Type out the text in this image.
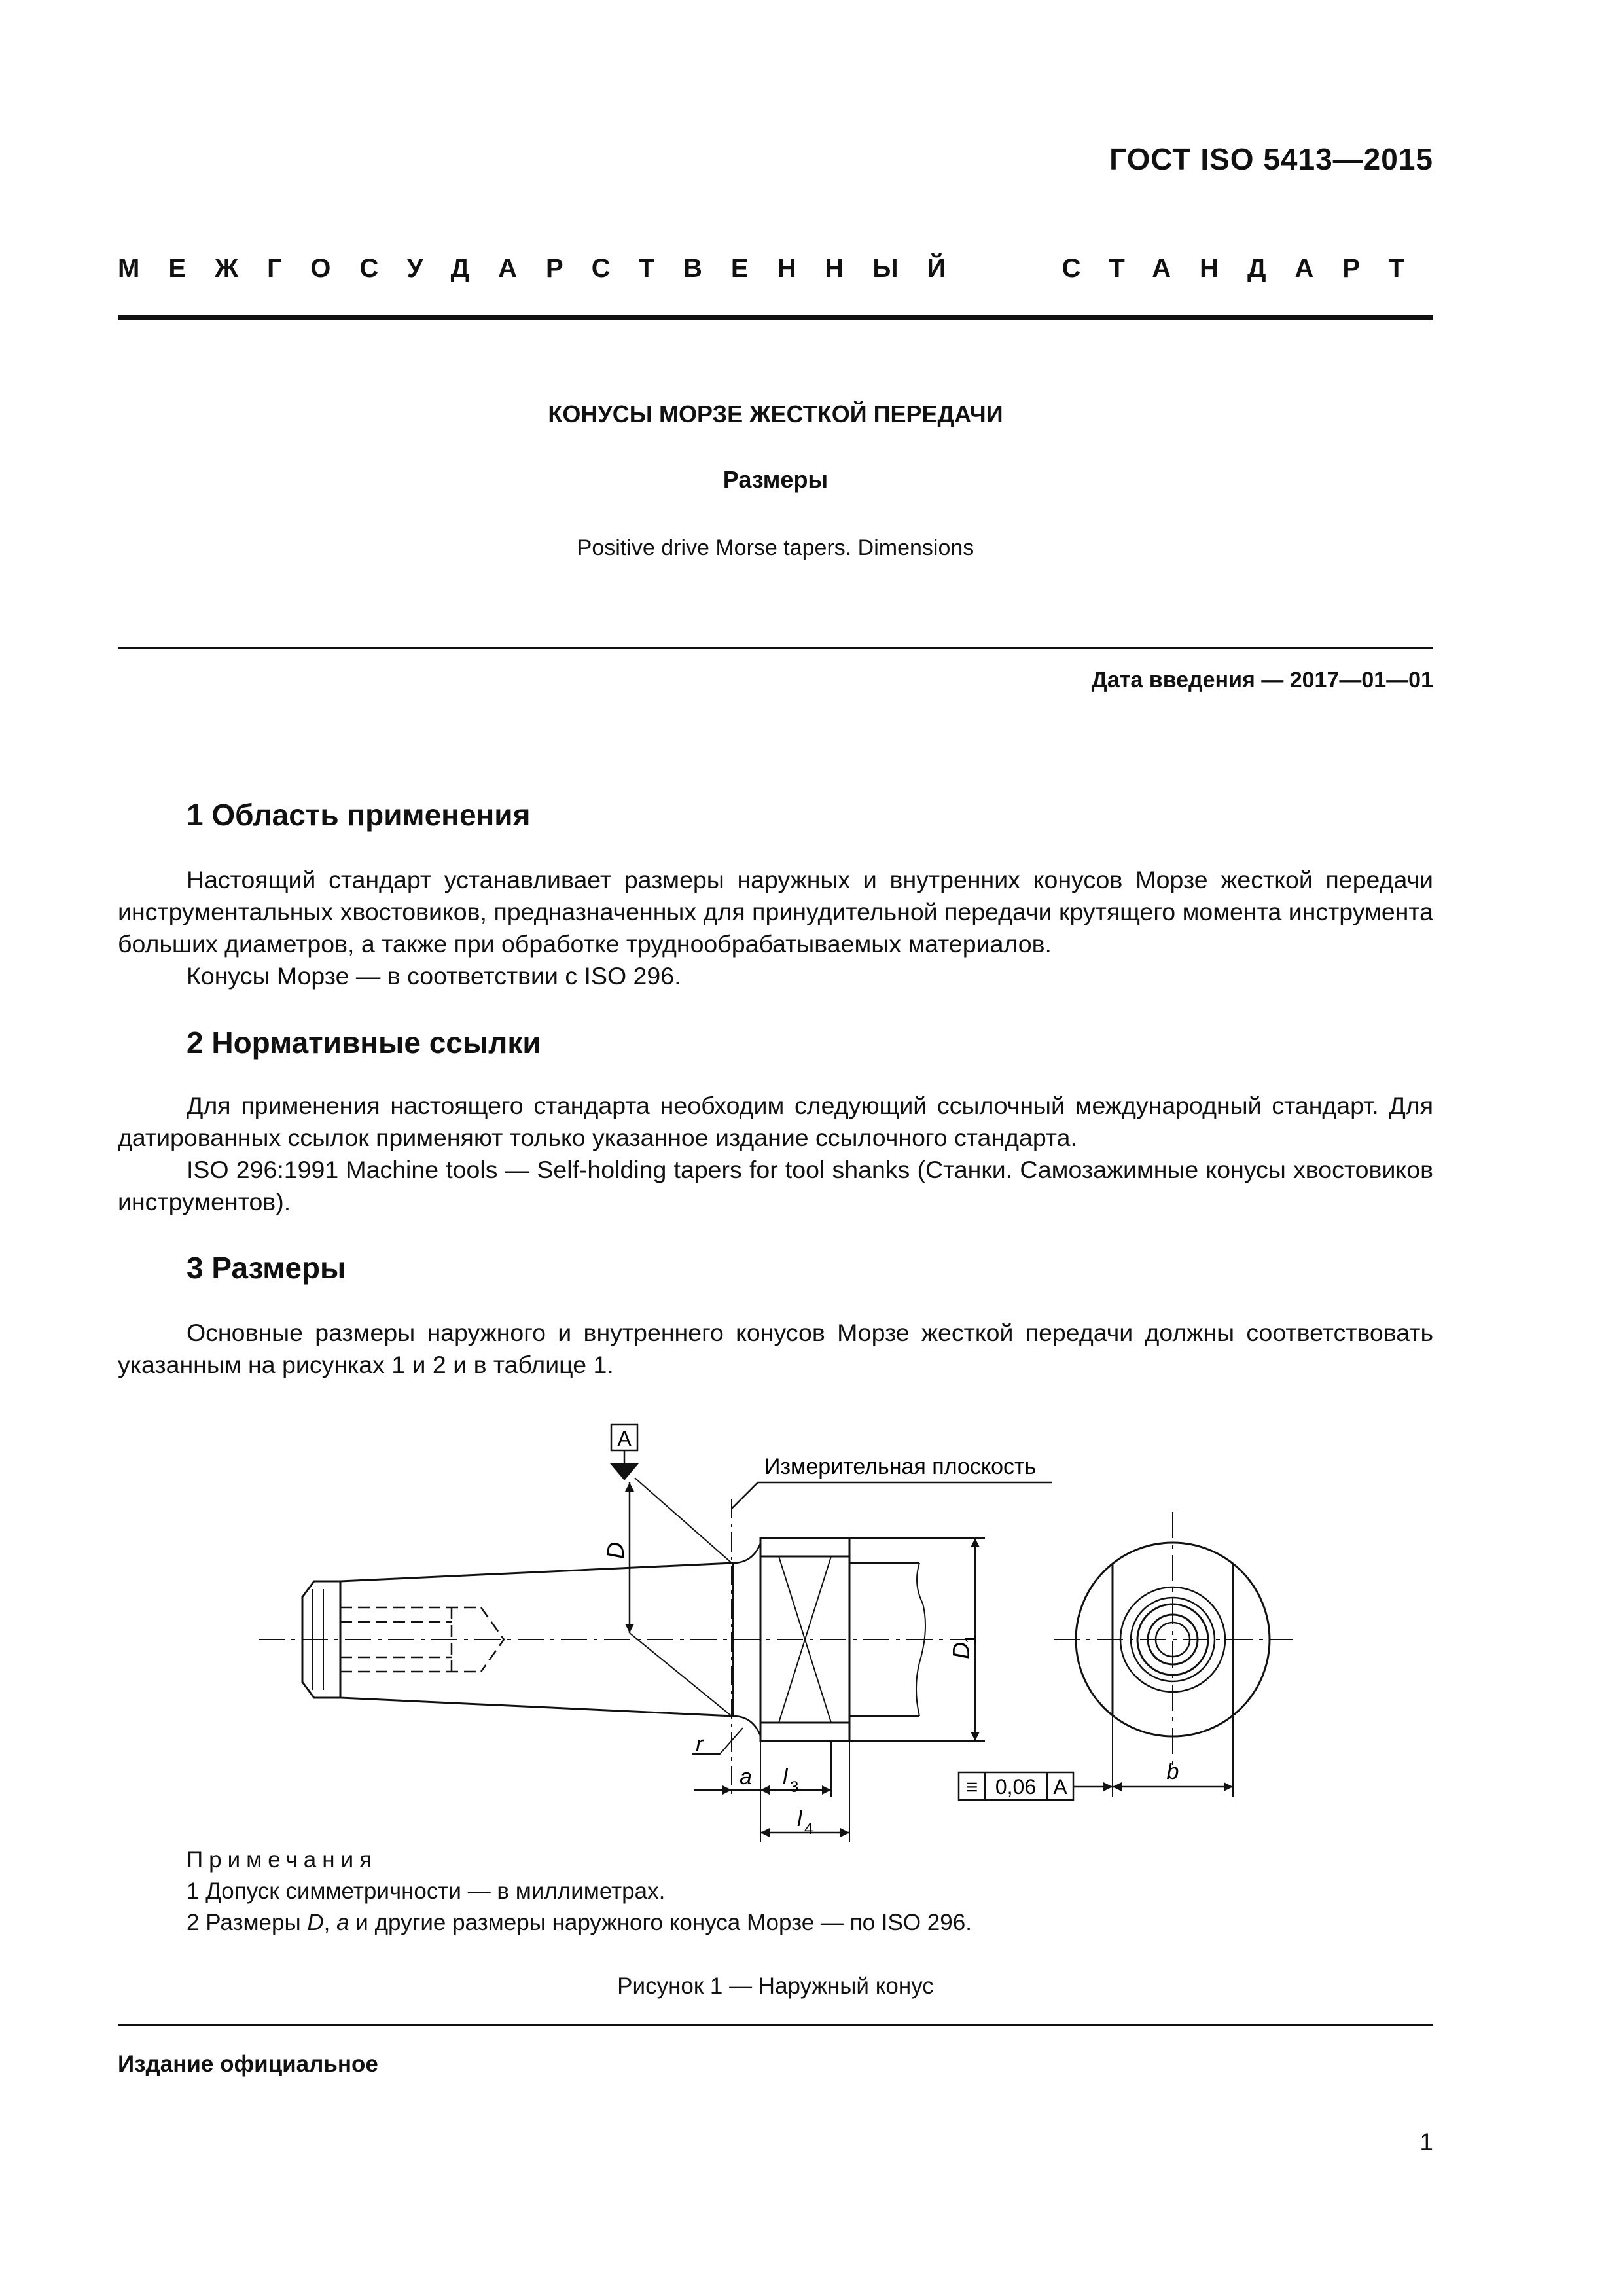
ГОСТ ISO 5413—2015
МЕЖГОСУДАРСТВЕННЫЙ СТАНДАРТ
КОНУСЫ МОРЗЕ ЖЕСТКОЙ ПЕРЕДАЧИ
Размеры
Positive drive Morse tapers. Dimensions
Дата введения — 2017—01—01
1 Область применения

Настоящий стандарт устанавливает размеры наружных и внутренних конусов Морзе жесткой передачи инструментальных хвостовиков, предназначенных для принудительной передачи крутящего момента инструмента больших диаметров, а также при обработке труднообрабатываемых материалов.

Конусы Морзе — в соответствии с ISO 296.

2 Нормативные ссылки

Для применения настоящего стандарта необходим следующий ссылочный международный стандарт. Для датированных ссылок применяют только указанное издание ссылочного стандарта.

ISO 296:1991 Machine tools — Self-holding tapers for tool shanks (Станки. Самозажимные конусы хвостовиков инструментов).

3 Размеры

Основные размеры наружного и внутреннего конусов Морзе жесткой передачи должны соответствовать указанным на рисунках 1 и 2 и в таблице 1.

A
Измерительная плоскость
D
D
1
r
a l 3
l 4
b
≡ 0,06 A
Примечания
1 Допуск симметричности — в миллиметрах.
2 Размеры D, a и другие размеры наружного конуса Морзе — по ISO 296.
Рисунок 1 — Наружный конус
Издание официальное
1
